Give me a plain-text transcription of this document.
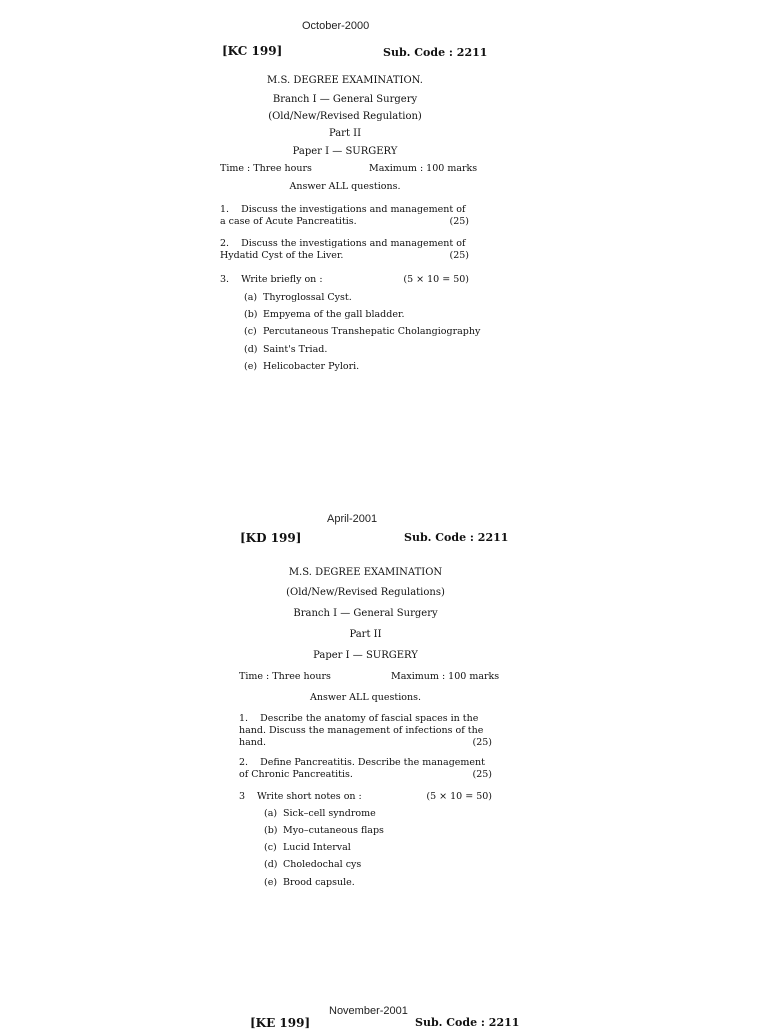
October-2000
[KC 199]	Sub. Code : 2211
M.S. DEGREE EXAMINATION.
Branch I — General Surgery
(Old/New/Revised Regulation)
Part II
Paper I — SURGERY
Time : Three hours	Maximum : 100 marks
Answer ALL questions.
1. Discuss the investigations and management of a case of Acute Pancreatitis.	(25)
2. Discuss the investigations and management of Hydatid Cyst of the Liver.	(25)
3. Write briefly on :	(5 × 10 = 50)
(a) Thyroglossal Cyst.
(b) Empyema of the gall bladder.
(c) Percutaneous Transhepatic Cholangiography
(d) Saint's Triad.
(e) Helicobacter Pylori.
April-2001
[KD 199]	Sub. Code : 2211
M.S. DEGREE EXAMINATION
(Old/New/Revised Regulations)
Branch I — General Surgery
Part II
Paper I — SURGERY
Time : Three hours	Maximum : 100 marks
Answer ALL questions.
1. Describe the anatomy of fascial spaces in the hand. Discuss the management of infections of the hand.	(25)
2. Define Pancreatitis. Describe the management of Chronic Pancreatitis.	(25)
3 Write short notes on :	(5 × 10 = 50)
(a) Sick–cell syndrome
(b) Myo–cutaneous flaps
(c) Lucid Interval
(d) Choledochal cys
(e) Brood capsule.
November-2001
[KE 199]	Sub. Code : 2211
